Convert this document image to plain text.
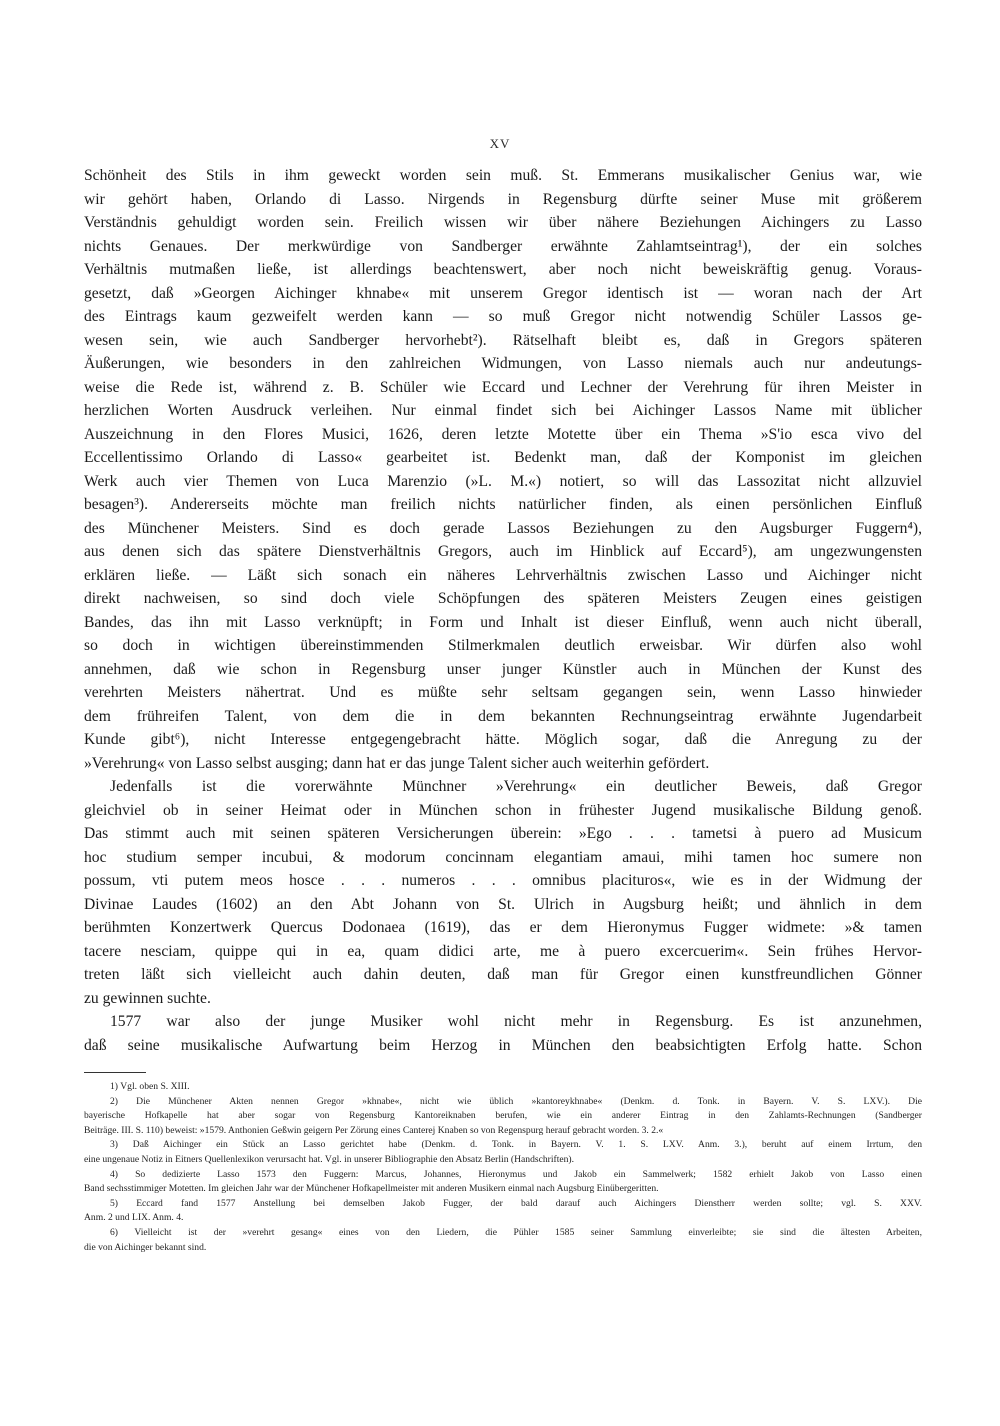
XV
Schönheit des Stils in ihm geweckt worden sein muß. St. Emmerans musikalischer Genius war, wie
wir gehört haben, Orlando di Lasso. Nirgends in Regensburg dürfte seiner Muse mit größerem
Verständnis gehuldigt worden sein. Freilich wissen wir über nähere Beziehungen Aichingers zu Lasso
nichts Genaues. Der merkwürdige von Sandberger erwähnte Zahlamtseintrag¹), der ein solches
Verhältnis mutmaßen ließe, ist allerdings beachtenswert, aber noch nicht beweiskräftig genug. Voraus-
gesetzt, daß »Georgen Aichinger khnabe« mit unserem Gregor identisch ist — woran nach der Art
des Eintrags kaum gezweifelt werden kann — so muß Gregor nicht notwendig Schüler Lassos ge-
wesen sein, wie auch Sandberger hervorhebt²). Rätselhaft bleibt es, daß in Gregors späteren
Äußerungen, wie besonders in den zahlreichen Widmungen, von Lasso niemals auch nur andeutungs-
weise die Rede ist, während z. B. Schüler wie Eccard und Lechner der Verehrung für ihren Meister in
herzlichen Worten Ausdruck verleihen. Nur einmal findet sich bei Aichinger Lassos Name mit üblicher
Auszeichnung in den Flores Musici, 1626, deren letzte Motette über ein Thema »S'io esca vivo del
Eccellentissimo Orlando di Lasso« gearbeitet ist. Bedenkt man, daß der Komponist im gleichen
Werk auch vier Themen von Luca Marenzio (»L. M.«) notiert, so will das Lassozitat nicht allzuviel
besagen³). Andererseits möchte man freilich nichts natürlicher finden, als einen persönlichen Einfluß
des Münchener Meisters. Sind es doch gerade Lassos Beziehungen zu den Augsburger Fuggern⁴),
aus denen sich das spätere Dienstverhältnis Gregors, auch im Hinblick auf Eccard⁵), am ungezwungensten
erklären ließe. — Läßt sich sonach ein näheres Lehrverhältnis zwischen Lasso und Aichinger nicht
direkt nachweisen, so sind doch viele Schöpfungen des späteren Meisters Zeugen eines geistigen
Bandes, das ihn mit Lasso verknüpft; in Form und Inhalt ist dieser Einfluß, wenn auch nicht überall,
so doch in wichtigen übereinstimmenden Stilmerkmalen deutlich erweisbar. Wir dürfen also wohl
annehmen, daß wie schon in Regensburg unser junger Künstler auch in München der Kunst des
verehrten Meisters nähertrat. Und es müßte sehr seltsam gegangen sein, wenn Lasso hinwieder
dem frühreifen Talent, von dem die in dem bekannten Rechnungseintrag erwähnte Jugendarbeit
Kunde gibt⁶), nicht Interesse entgegengebracht hätte. Möglich sogar, daß die Anregung zu der
»Verehrung« von Lasso selbst ausging; dann hat er das junge Talent sicher auch weiterhin gefördert.
Jedenfalls ist die vorerwähnte Münchner »Verehrung« ein deutlicher Beweis, daß Gregor
gleichviel ob in seiner Heimat oder in München schon in frühester Jugend musikalische Bildung genoß.
Das stimmt auch mit seinen späteren Versicherungen überein: »Ego . . . tametsi à puero ad Musicum
hoc studium semper incubui, & modorum concinnam elegantiam amaui, mihi tamen hoc sumere non
possum, vti putem meos hosce . . . numeros . . . omnibus placituros«, wie es in der Widmung der
Divinae Laudes (1602) an den Abt Johann von St. Ulrich in Augsburg heißt; und ähnlich in dem
berühmten Konzertwerk Quercus Dodonaea (1619), das er dem Hieronymus Fugger widmete: »& tamen
tacere nesciam, quippe qui in ea, quam didici arte, me à puero excercuerim«. Sein frühes Hervor-
treten läßt sich vielleicht auch dahin deuten, daß man für Gregor einen kunstfreundlichen Gönner
zu gewinnen suchte.
1577 war also der junge Musiker wohl nicht mehr in Regensburg. Es ist anzunehmen,
daß seine musikalische Aufwartung beim Herzog in München den beabsichtigten Erfolg hatte. Schon
1) Vgl. oben S. XIII.
2) Die Münchener Akten nennen Gregor »khnabe«, nicht wie üblich »kantoreykhnabe« (Denkm. d. Tonk. in Bayern. V. S. LXV.). Die
bayerische Hofkapelle hat aber sogar von Regensburg Kantoreiknaben berufen, wie ein anderer Eintrag in den Zahlamts-Rechnungen (Sandberger
Beiträge. III. S. 110) beweist: »1579. Anthonien Geßwin geigern Per Zörung eines Canterej Knaben so von Regenspurg herauf gebracht worden. 3. 2.«
3) Daß Aichinger ein Stück an Lasso gerichtet habe (Denkm. d. Tonk. in Bayern. V. 1. S. LXV. Anm. 3.), beruht auf einem Irrtum, den
eine ungenaue Notiz in Eitners Quellenlexikon verursacht hat. Vgl. in unserer Bibliographie den Absatz Berlin (Handschriften).
4) So dedizierte Lasso 1573 den Fuggern: Marcus, Johannes, Hieronymus und Jakob ein Sammelwerk; 1582 erhielt Jakob von Lasso einen
Band sechsstimmiger Motetten. Im gleichen Jahr war der Münchener Hofkapellmeister mit anderen Musikern einmal nach Augsburg Einübergeritten.
5) Eccard fand 1577 Anstellung bei demselben Jakob Fugger, der bald darauf auch Aichingers Dienstherr werden sollte; vgl. S. XXV.
Anm. 2 und LIX. Anm. 4.
6) Vielleicht ist der »verehrt gesang« eines von den Liedern, die Pühler 1585 seiner Sammlung einverleibte; sie sind die ältesten Arbeiten,
die von Aichinger bekannt sind.
